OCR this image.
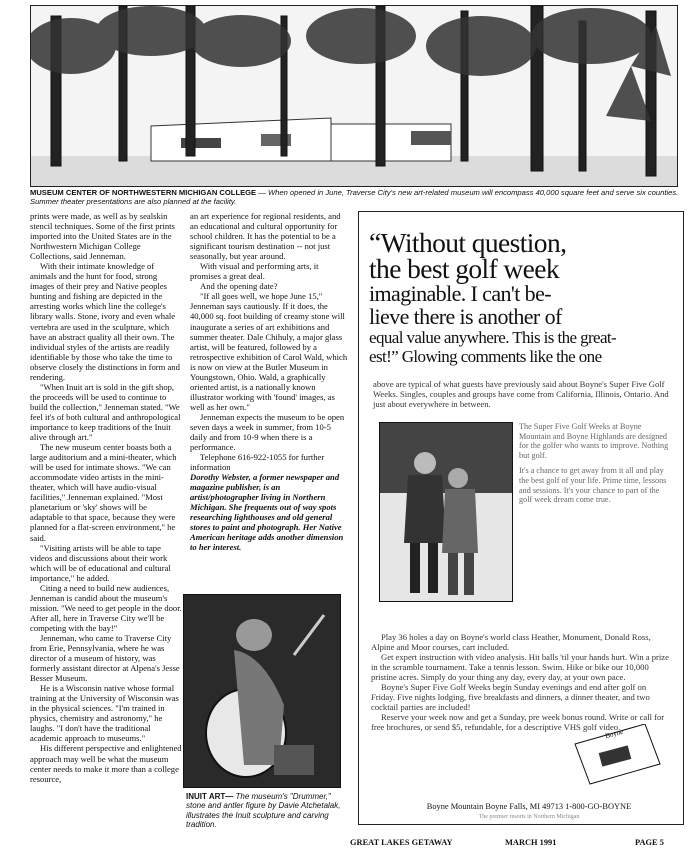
MUSEUM CENTER OF NORTHWESTERN MICHIGAN COLLEGE — When opened in June, Traverse City's new art-related museum will encompass 40,000 square feet and serve six counties. Summer theater presentations are also planned at the facility.

prints were made, as well as by sealskin stencil techniques. Some of the first prints imported into the United States are in the Northwestern Michigan College Collections, said Jenneman.

With their intimate knowledge of animals and the hunt for food, strong images of their prey and Native peoples hunting and fishing are depicted in the arresting works which line the college's library walls. Stone, ivory and even whale vertebra are used in the sculpture, which have an abstract quality all their own. The individual styles of the artists are readily identifiable by those who take the time to observe closely the distinctions in form and rendering.

"When Inuit art is sold in the gift shop, the proceeds will be used to continue to build the collection," Jenneman stated. "We feel it's of both cultural and anthropological importance to keep traditions of the Inuit alive through art."

The new museum center boasts both a large auditorium and a mini-theater, which will be used for intimate shows. "We can accommodate video artists in the mini-theater, which will have audio-visual facilities," Jenneman explained. "Most planetarium or 'sky' shows will be adaptable to that space, because they were planned for a flat-screen environment," he said.

"Visiting artists will be able to tape videos and discussions about their work which will be of educational and cultural importance," he added.

Citing a need to build new audiences, Jenneman is candid about the museum's mission. "We need to get people in the door. After all, here in Traverse City we'll be competing with the bay!"

Jenneman, who came to Traverse City from Erie, Pennsylvania, where he was director of a museum of history, was formerly assistant director at Alpena's Jesse Besser Museum.

He is a Wisconsin native whose formal training at the University of Wisconsin was in the physical sciences. "I'm trained in physics, chemistry and astronomy," he laughs. "I don't have the traditional academic approach to museums."

His different perspective and enlightened approach may well be what the museum center needs to make it more than a college resource,

an art experience for regional residents, and an educational and cultural opportunity for school children. It has the potential to be a significant tourism destination -- not just seasonally, but year around.

With visual and performing arts, it promises a great deal.

And the opening date?

"If all goes well, we hope June 15," Jenneman says cautiously. If it does, the 40,000 sq. foot building of creamy stone will inaugurate a series of art exhibitions and summer theater. Dale Chihuly, a major glass artist, will be featured, followed by a retrospective exhibition of Carol Wald, which is now on view at the Butler Museum in Youngstown, Ohio. Wald, a graphically oriented artist, is a nationally known illustrator working with 'found' images, as well as her own."

Jenneman expects the museum to be open seven days a week in summer, from 10-5 daily and from 10-9 when there is a performance.

Telephone 616-922-1055 for further information

Dorothy Webster, a former newspaper and magazine publisher, is an artist/photographer living in Northern Michigan. She frequents out of way spots researching lighthouses and old general stores to paint and photograph. Her Native American heritage adds another dimension to her interest.
INUIT ART— The museum's "Drummer," stone and antler figure by Davie Atchetalak, illustrates the Inuit sculpture and carving tradition.
“Without question,
the best golf week
imaginable. I can't be-
lieve there is another of
equal value anywhere. This is the great-
est!” Glowing comments like the one
above are typical of what guests have previously said about Boyne's Super Five Golf Weeks. Singles, couples and groups have come from California, Illinois, Ontario. And just about everywhere in between.
The Super Five Golf Weeks at Boyne Mountain and Boyne Highlands are designed for the golfer who wants to improve. Nothing but golf.
It's a chance to get away from it all and play the best golf of your life. Prime time, lessons and sessions. It's your chance to part of the golf week dream come true.

Play 36 holes a day on Boyne's world class Heather, Monument, Donald Ross, Alpine and Moor courses, cart included.

Get expert instruction with video analysis. Hit balls 'til your hands hurt. Win a prize in the scramble tournament. Take a tennis lesson. Swim. Hike or bike our 10,000 pristine acres. Simply do your thing any day, every day, at your own pace.

Boyne's Super Five Golf Weeks begin Sunday evenings and end after golf on Friday. Five nights lodging, five breakfasts and dinners, a dinner theater, and two cocktail parties are included!

Reserve your week now and get a Sunday, pre week bonus round. Write or call for free brochures, or send $5, refundable, for a descriptive VHS golf video.

Boyne
Boyne Mountain Boyne Falls, MI 49713 1-800-GO-BOYNE
The premier resorts in Northern Michigan
GREAT LAKES GETAWAY	MARCH 1991	PAGE 5
